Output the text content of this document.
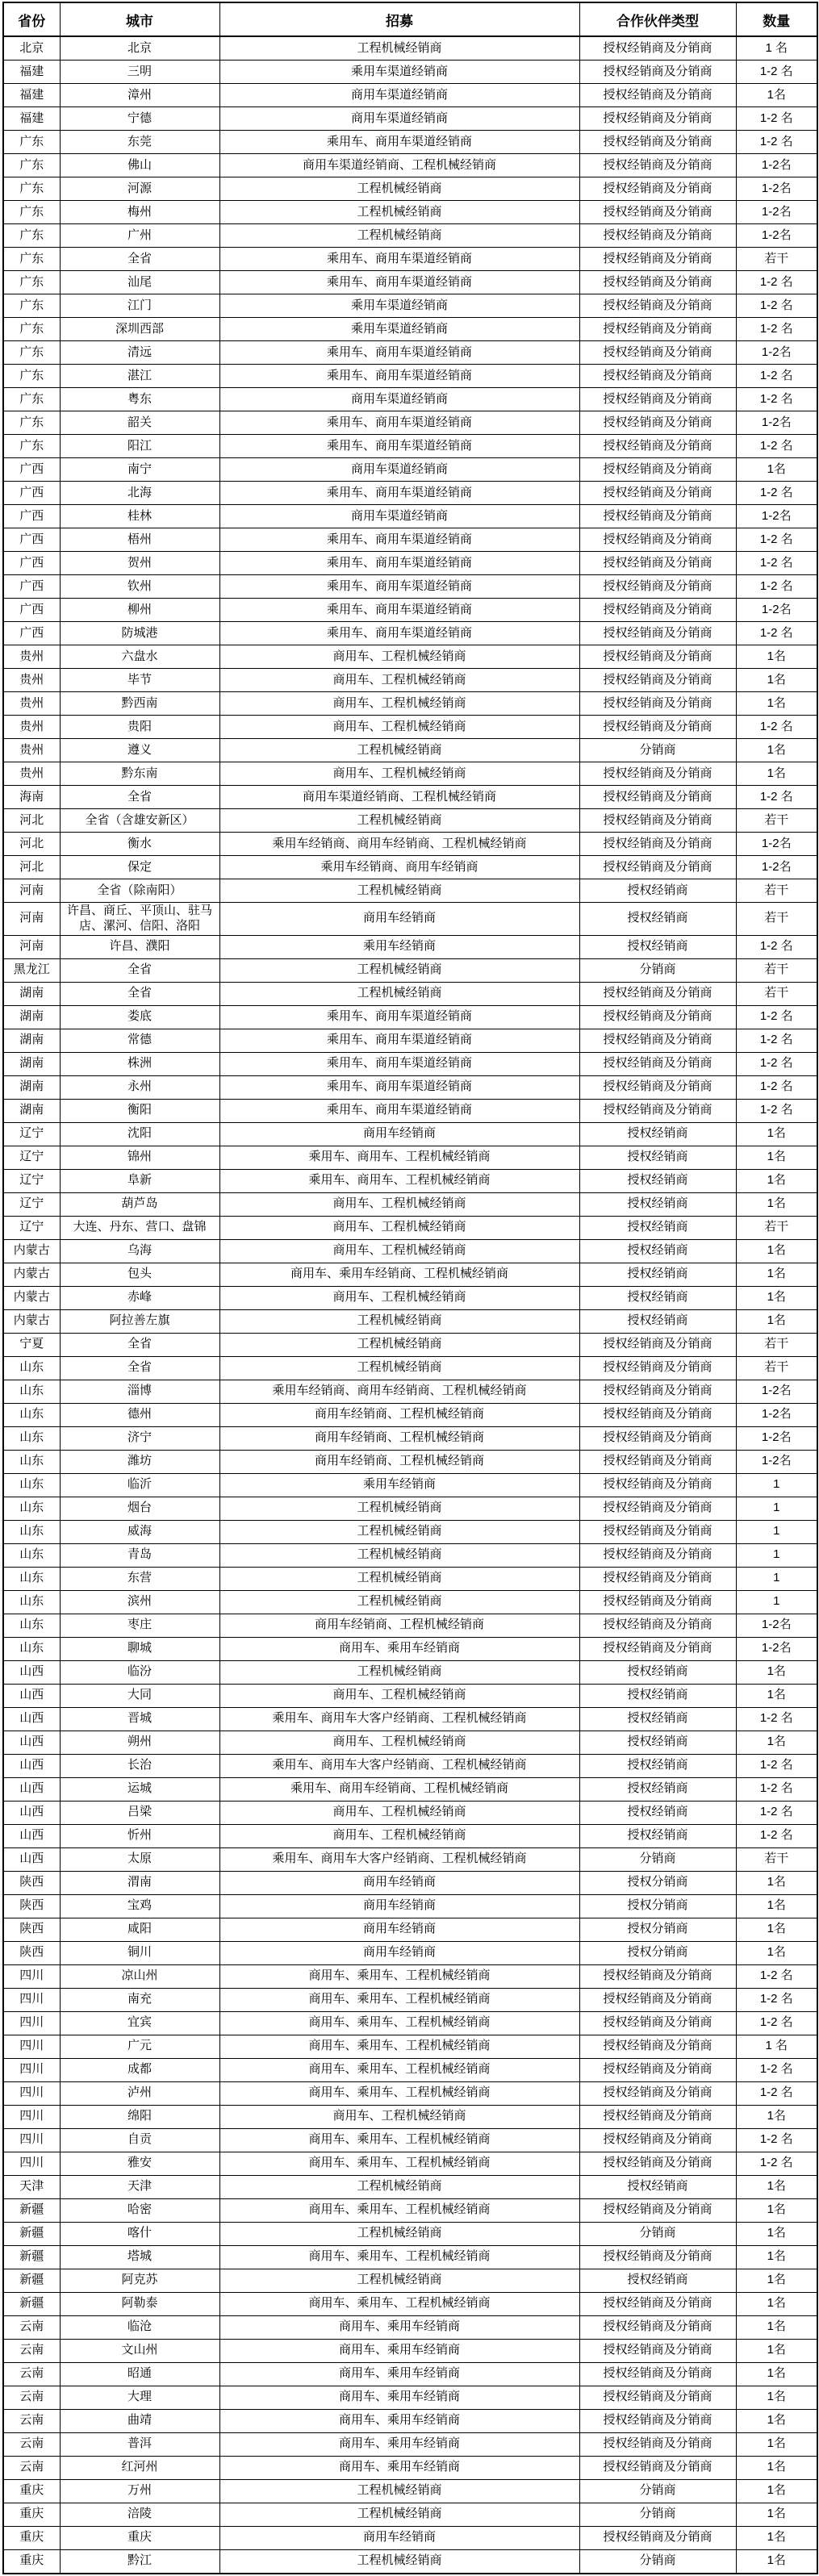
省份	城市	招募	合作伙伴类型	数量
北京	北京	工程机械经销商	授权经销商及分销商	1 名
福建	三明	乘用车渠道经销商	授权经销商及分销商	1-2 名
福建	漳州	商用车渠道经销商	授权经销商及分销商	1名
福建	宁德	商用车渠道经销商	授权经销商及分销商	1-2 名
广东	东莞	乘用车、商用车渠道经销商	授权经销商及分销商	1-2 名
广东	佛山	商用车渠道经销商、工程机械经销商	授权经销商及分销商	1-2名
广东	河源	工程机械经销商	授权经销商及分销商	1-2名
广东	梅州	工程机械经销商	授权经销商及分销商	1-2名
广东	广州	工程机械经销商	授权经销商及分销商	1-2名
广东	全省	乘用车、商用车渠道经销商	授权经销商及分销商	若干
广东	汕尾	乘用车、商用车渠道经销商	授权经销商及分销商	1-2 名
广东	江门	乘用车渠道经销商	授权经销商及分销商	1-2 名
广东	深圳西部	乘用车渠道经销商	授权经销商及分销商	1-2 名
广东	清远	乘用车、商用车渠道经销商	授权经销商及分销商	1-2名
广东	湛江	乘用车、商用车渠道经销商	授权经销商及分销商	1-2 名
广东	粤东	商用车渠道经销商	授权经销商及分销商	1-2 名
广东	韶关	乘用车、商用车渠道经销商	授权经销商及分销商	1-2名
广东	阳江	乘用车、商用车渠道经销商	授权经销商及分销商	1-2 名
广西	南宁	商用车渠道经销商	授权经销商及分销商	1名
广西	北海	乘用车、商用车渠道经销商	授权经销商及分销商	1-2 名
广西	桂林	商用车渠道经销商	授权经销商及分销商	1-2名
广西	梧州	乘用车、商用车渠道经销商	授权经销商及分销商	1-2 名
广西	贺州	乘用车、商用车渠道经销商	授权经销商及分销商	1-2 名
广西	钦州	乘用车、商用车渠道经销商	授权经销商及分销商	1-2 名
广西	柳州	乘用车、商用车渠道经销商	授权经销商及分销商	1-2名
广西	防城港	乘用车、商用车渠道经销商	授权经销商及分销商	1-2 名
贵州	六盘水	商用车、工程机械经销商	授权经销商及分销商	1名
贵州	毕节	商用车、工程机械经销商	授权经销商及分销商	1名
贵州	黔西南	商用车、工程机械经销商	授权经销商及分销商	1名
贵州	贵阳	商用车、工程机械经销商	授权经销商及分销商	1-2 名
贵州	遵义	工程机械经销商	分销商	1名
贵州	黔东南	商用车、工程机械经销商	授权经销商及分销商	1名
海南	全省	商用车渠道经销商、工程机械经销商	授权经销商及分销商	1-2 名
河北	全省（含雄安新区）	工程机械经销商	授权经销商及分销商	若干
河北	衡水	乘用车经销商、商用车经销商、工程机械经销商	授权经销商及分销商	1-2名
河北	保定	乘用车经销商、商用车经销商	授权经销商及分销商	1-2名
河南	全省（除南阳）	工程机械经销商	授权经销商	若干
河南	许昌、商丘、平顶山、驻马店、漯河、信阳、洛阳	商用车经销商	授权经销商	若干
河南	许昌、濮阳	乘用车经销商	授权经销商	1-2 名
黑龙江	全省	工程机械经销商	分销商	若干
湖南	全省	工程机械经销商	授权经销商及分销商	若干
湖南	娄底	乘用车、商用车渠道经销商	授权经销商及分销商	1-2 名
湖南	常德	乘用车、商用车渠道经销商	授权经销商及分销商	1-2 名
湖南	株洲	乘用车、商用车渠道经销商	授权经销商及分销商	1-2 名
湖南	永州	乘用车、商用车渠道经销商	授权经销商及分销商	1-2 名
湖南	衡阳	乘用车、商用车渠道经销商	授权经销商及分销商	1-2 名
辽宁	沈阳	商用车经销商	授权经销商	1名
辽宁	锦州	乘用车、商用车、工程机械经销商	授权经销商	1名
辽宁	阜新	乘用车、商用车、工程机械经销商	授权经销商	1名
辽宁	葫芦岛	商用车、工程机械经销商	授权经销商	1名
辽宁	大连、丹东、营口、盘锦	商用车、工程机械经销商	授权经销商	若干
内蒙古	乌海	商用车、工程机械经销商	授权经销商	1名
内蒙古	包头	商用车、乘用车经销商、工程机械经销商	授权经销商	1名
内蒙古	赤峰	商用车、工程机械经销商	授权经销商	1名
内蒙古	阿拉善左旗	工程机械经销商	授权经销商	1名
宁夏	全省	工程机械经销商	授权经销商及分销商	若干
山东	全省	工程机械经销商	授权经销商及分销商	若干
山东	淄博	乘用车经销商、商用车经销商、工程机械经销商	授权经销商及分销商	1-2名
山东	德州	商用车经销商、工程机械经销商	授权经销商及分销商	1-2名
山东	济宁	商用车经销商、工程机械经销商	授权经销商及分销商	1-2名
山东	潍坊	商用车经销商、工程机械经销商	授权经销商及分销商	1-2名
山东	临沂	乘用车经销商	授权经销商及分销商	1
山东	烟台	工程机械经销商	授权经销商及分销商	1
山东	威海	工程机械经销商	授权经销商及分销商	1
山东	青岛	工程机械经销商	授权经销商及分销商	1
山东	东营	工程机械经销商	授权经销商及分销商	1
山东	滨州	工程机械经销商	授权经销商及分销商	1
山东	枣庄	商用车经销商、工程机械经销商	授权经销商及分销商	1-2名
山东	聊城	商用车、乘用车经销商	授权经销商及分销商	1-2名
山西	临汾	工程机械经销商	授权经销商	1名
山西	大同	商用车、工程机械经销商	授权经销商	1名
山西	晋城	乘用车、商用车大客户经销商、工程机械经销商	授权经销商	1-2 名
山西	朔州	商用车、工程机械经销商	授权经销商	1名
山西	长治	乘用车、商用车大客户经销商、工程机械经销商	授权经销商	1-2 名
山西	运城	乘用车、商用车经销商、工程机械经销商	授权经销商	1-2 名
山西	吕梁	商用车、工程机械经销商	授权经销商	1-2 名
山西	忻州	商用车、工程机械经销商	授权经销商	1-2 名
山西	太原	乘用车、商用车大客户经销商、工程机械经销商	分销商	若干
陕西	渭南	商用车经销商	授权分销商	1名
陕西	宝鸡	商用车经销商	授权分销商	1名
陕西	咸阳	商用车经销商	授权分销商	1名
陕西	铜川	商用车经销商	授权分销商	1名
四川	凉山州	商用车、乘用车、工程机械经销商	授权经销商及分销商	1-2 名
四川	南充	商用车、乘用车、工程机械经销商	授权经销商及分销商	1-2 名
四川	宜宾	商用车、乘用车、工程机械经销商	授权经销商及分销商	1-2 名
四川	广元	商用车、乘用车、工程机械经销商	授权经销商及分销商	1 名
四川	成都	商用车、乘用车、工程机械经销商	授权经销商及分销商	1-2 名
四川	泸州	商用车、乘用车、工程机械经销商	授权经销商及分销商	1-2 名
四川	绵阳	商用车、工程机械经销商	授权经销商及分销商	1名
四川	自贡	商用车、乘用车、工程机械经销商	授权经销商及分销商	1-2 名
四川	雅安	商用车、乘用车、工程机械经销商	授权经销商及分销商	1-2 名
天津	天津	工程机械经销商	授权经销商	1名
新疆	哈密	商用车、乘用车、工程机械经销商	授权经销商及分销商	1名
新疆	喀什	工程机械经销商	分销商	1名
新疆	塔城	商用车、乘用车、工程机械经销商	授权经销商及分销商	1名
新疆	阿克苏	工程机械经销商	授权经销商	1名
新疆	阿勒泰	商用车、乘用车、工程机械经销商	授权经销商及分销商	1名
云南	临沧	商用车、乘用车经销商	授权经销商及分销商	1名
云南	文山州	商用车、乘用车经销商	授权经销商及分销商	1名
云南	昭通	商用车、乘用车经销商	授权经销商及分销商	1名
云南	大理	商用车、乘用车经销商	授权经销商及分销商	1名
云南	曲靖	商用车、乘用车经销商	授权经销商及分销商	1名
云南	普洱	商用车、乘用车经销商	授权经销商及分销商	1名
云南	红河州	商用车、乘用车经销商	授权经销商及分销商	1名
重庆	万州	工程机械经销商	分销商	1名
重庆	涪陵	工程机械经销商	分销商	1名
重庆	重庆	商用车经销商	授权经销商及分销商	1名
重庆	黔江	工程机械经销商	分销商	1名
